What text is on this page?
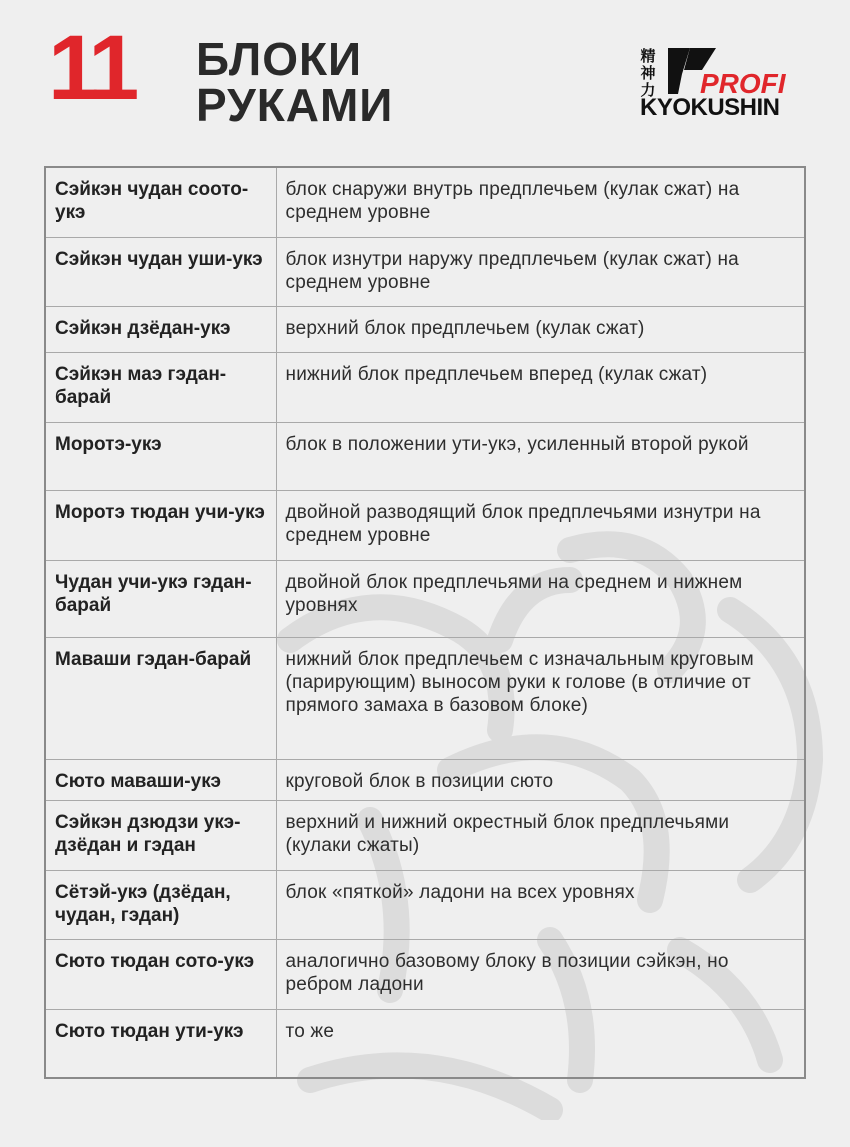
11 БЛОКИ
РУКАМИ
精
神
力 PROFI
KYOKUSHIN
Сэйкэн чудан соото-укэ	блок снаружи внутрь предплечьем (кулак сжат) на среднем уровне
Сэйкэн чудан уши-укэ	блок изнутри наружу предплечьем (кулак сжат) на среднем уровне
Сэйкэн дзёдан-укэ	верхний блок предплечьем (кулак сжат)
Сэйкэн маэ гэдан-барай	нижний блок предплечьем вперед (кулак сжат)
Моротэ-укэ	блок в положении ути-укэ, усиленный второй рукой
Моротэ тюдан учи-укэ	двойной разводящий блок предплечьями изнутри на среднем уровне
Чудан учи-укэ гэдан-барай	двойной блок предплечьями на среднем и нижнем уровнях
Маваши гэдан-барай	нижний блок предплечьем с изначальным круговым (парирующим) выносом руки к голове (в отличие от прямого замаха в базовом блоке)
Сюто маваши-укэ	круговой блок в позиции сюто
Сэйкэн дзюдзи укэ-дзёдан и гэдан	верхний и нижний окрестный блок предплечьями (кулаки сжаты)
Сётэй-укэ (дзёдан, чудан, гэдан)	блок «пяткой» ладони на всех уровнях
Сюто тюдан сото-укэ	аналогично базовому блоку в позиции сэйкэн, но ребром ладони
Сюто тюдан ути-укэ	то же
